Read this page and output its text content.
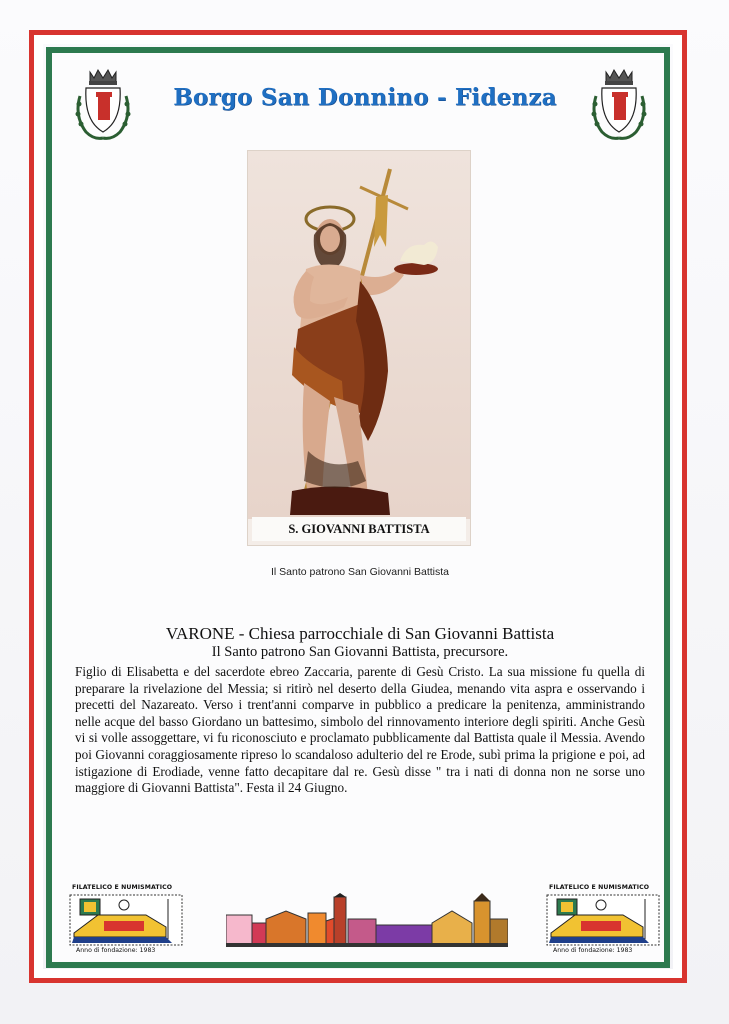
Borgo San Donnino - Fidenza
S. GIOVANNI BATTISTA
Il Santo patrono San Giovanni Battista
VARONE - Chiesa parrocchiale di San Giovanni Battista
Il Santo patrono San Giovanni Battista, precursore.
Figlio di Elisabetta e del sacerdote ebreo Zaccaria, parente di Gesù Cristo. La sua missione fu quella di preparare la rivelazione del Messia; si ritirò nel deserto della Giudea, menando vita aspra e osservando i precetti del Nazareato. Verso i trent'anni comparve in pubblico a predicare la penitenza, amministrando nelle acque del basso Giordano un battesimo, simbolo del rinnovamento interiore degli spiriti. Anche Gesù vi si volle assoggettare, vi fu riconosciuto e proclamato pubblicamente dal Battista quale il Messia. Avendo poi Giovanni coraggiosamente ripreso lo scandaloso adulterio del re Erode, subì prima la prigione e poi, ad istigazione di Erodiade, venne fatto decapitare dal re. Gesù disse " tra i nati di donna non ne sorse uno maggiore di Giovanni Battista". Festa il 24 Giugno.
FILATELICO E NUMISMATICO
Anno di fondazione: 1983
FILATELICO E NUMISMATICO
Anno di fondazione: 1983
